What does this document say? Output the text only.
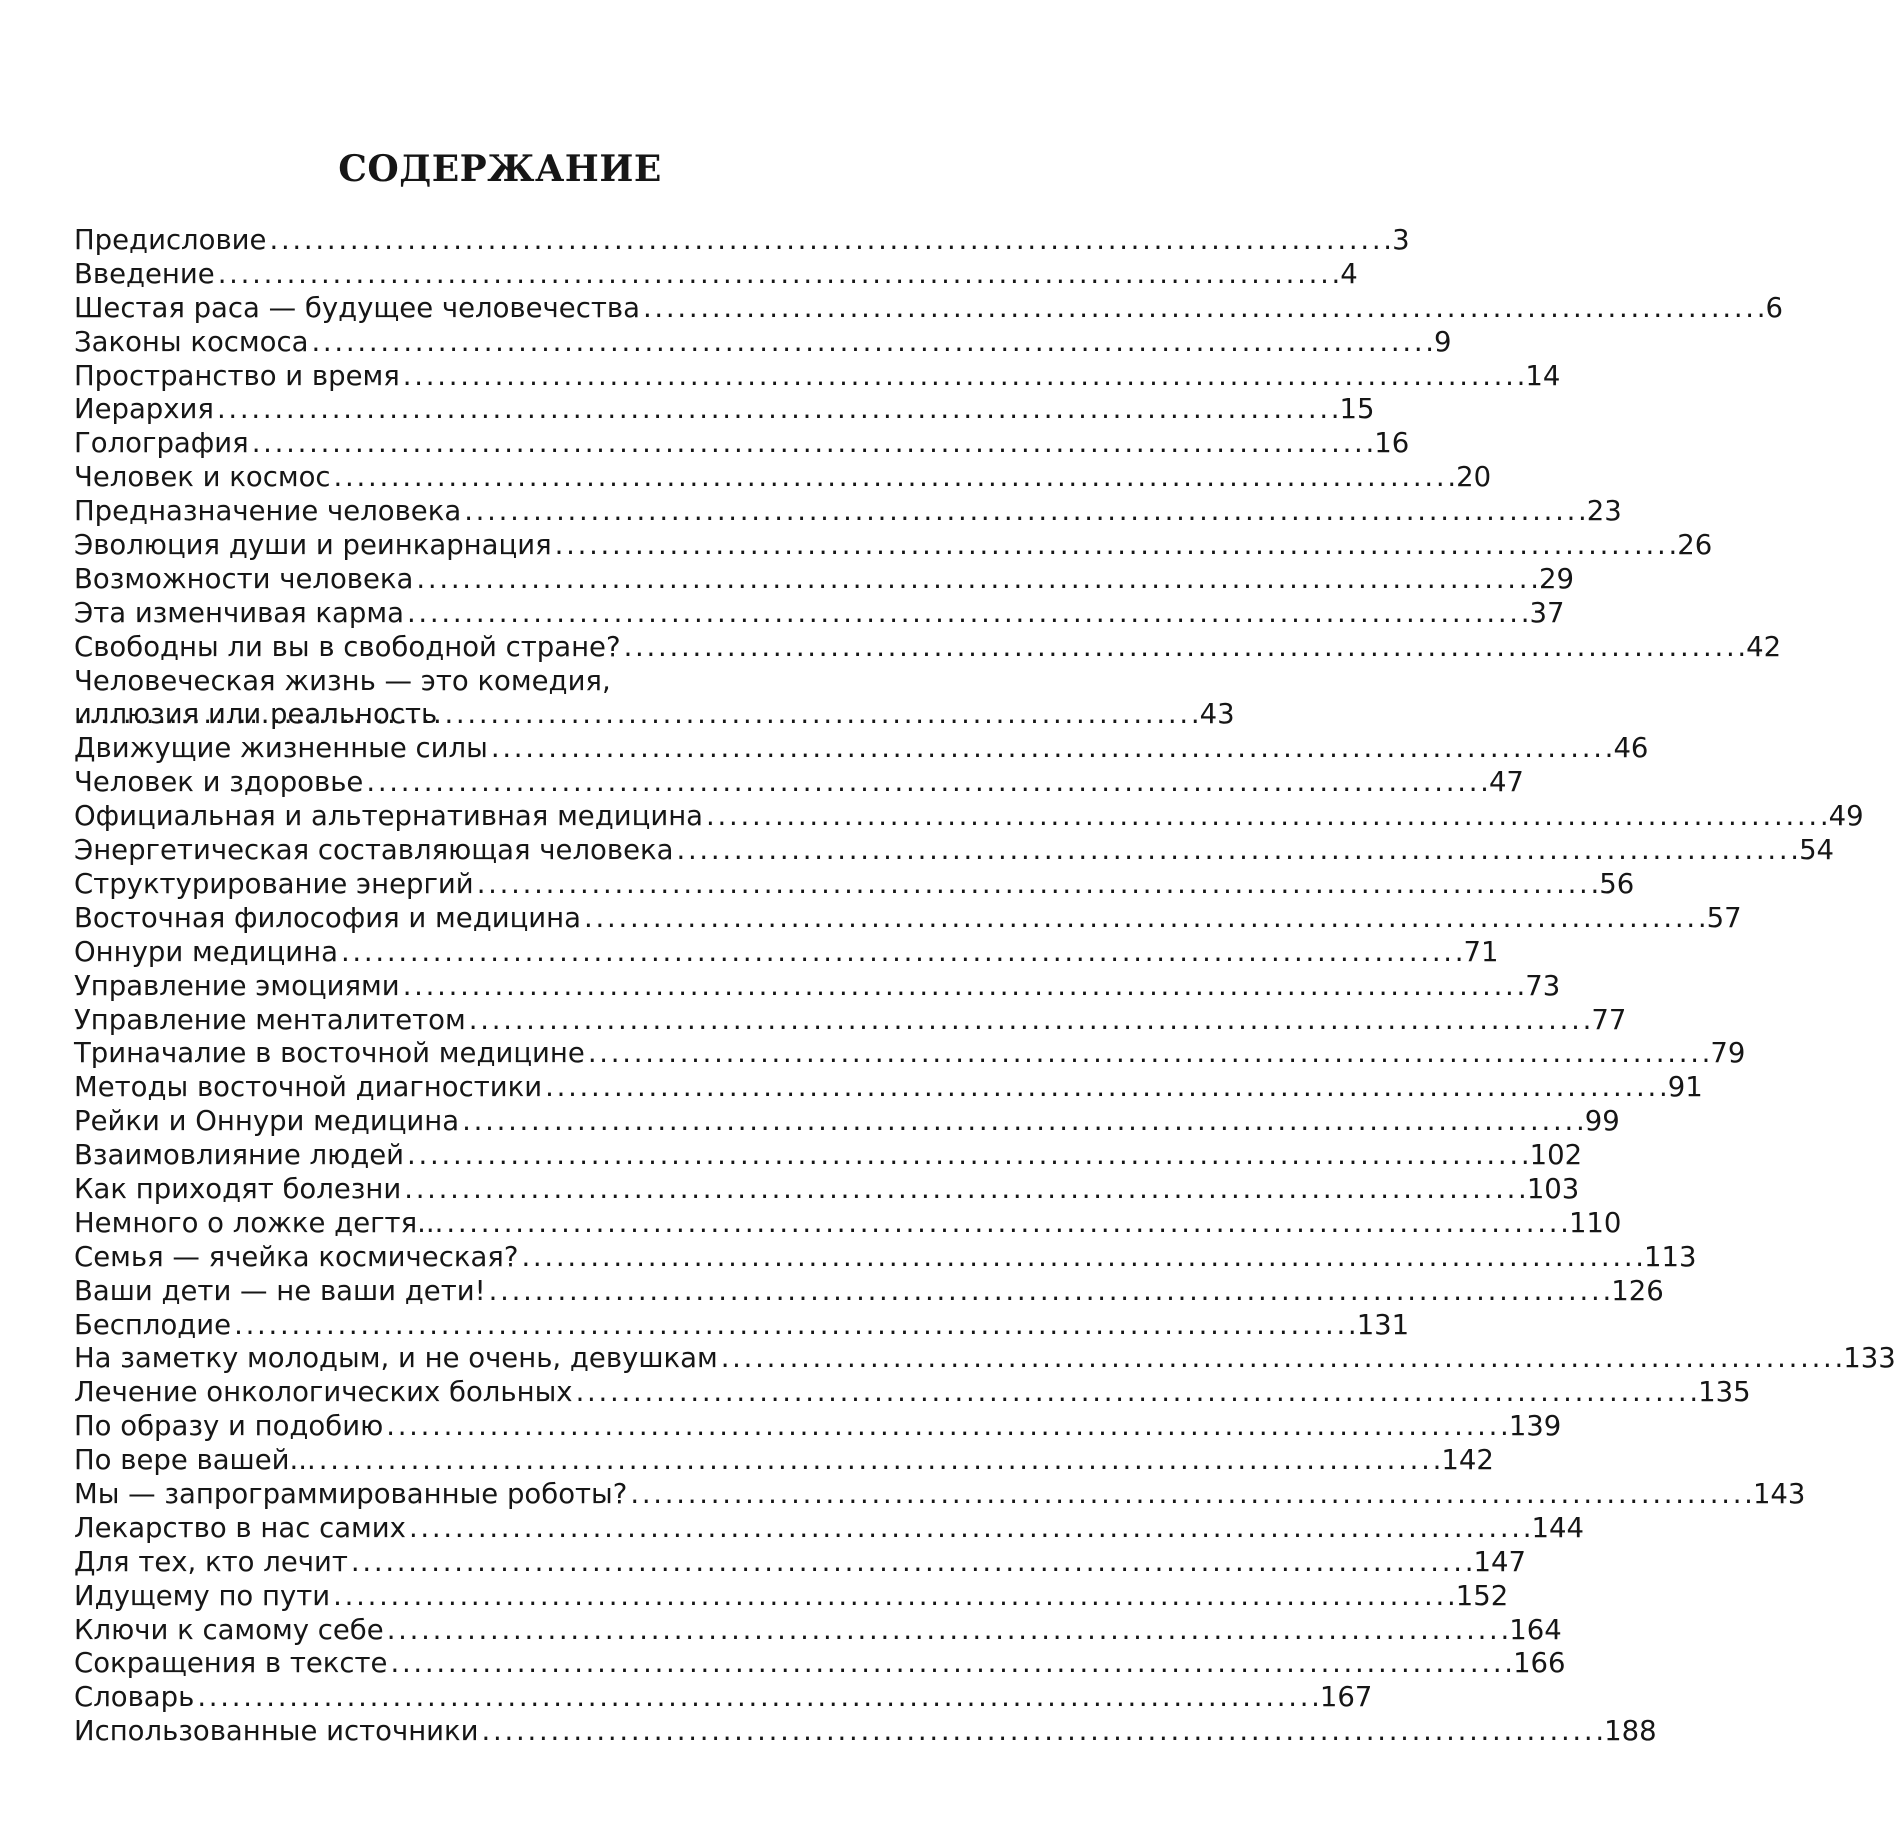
СОДЕРЖАНИЕ
Предисловие . . .	3
Введение . . .	4
Шестая раса — будущее человечества . . .	6
Законы космоса . . .	9
Пространство и время . . .	14
Иерархия . . .	15
Голография . . .	16
Человек и космос . . .	20
Предназначение человека . . .	23
Эволюция души и реинкарнация . . .	26
Возможности человека . . .	29
Эта изменчивая карма . . .	37
Свободны ли вы в свободной стране? . . .	42
Человеческая жизнь — это комедия,
иллюзия или реальность . . .	43
Движущие жизненные силы . . .	46
Человек и здоровье . . .	47
Официальная и альтернативная медицина . . .	49
Энергетическая составляющая человека . . .	54
Структурирование энергий . . .	56
Восточная философия и медицина . . .	57
Оннури медицина . . .	71
Управление эмоциями . . .	73
Управление менталитетом . . .	77
Триначалие в восточной медицине . . .	79
Методы восточной диагностики . . .	91
Рейки и Оннури медицина . . .	99
Взаимовлияние людей . . .	102
Как приходят болезни . . .	103
Немного о ложке дегтя... . . .	110
Семья — ячейка космическая? . . .	113
Ваши дети — не ваши дети! . . .	126
Бесплодие . . .	131
На заметку молодым, и не очень, девушкам . . .	133
Лечение онкологических больных . . .	135
По образу и подобию . . .	139
По вере вашей... . . .	142
Мы — запрограммированные роботы? . . .	143
Лекарство в нас самих . . .	144
Для тех, кто лечит . . .	147
Идущему по пути . . .	152
Ключи к самому себе . . .	164
Сокращения в тексте . . .	166
Словарь . . .	167
Использованные источники . . .	188
